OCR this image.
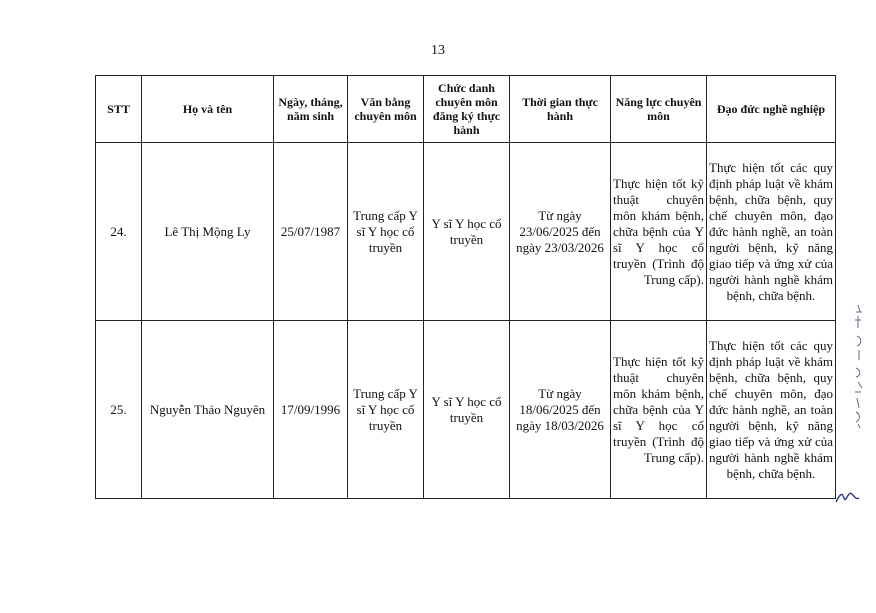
13
STT	Họ và tên	Ngày, tháng, năm sinh	Văn bằng chuyên môn	Chức danh chuyên môn đăng ký thực hành	Thời gian thực hành	Năng lực chuyên môn	Đạo đức nghề nghiệp
24.	Lê Thị Mộng Ly	25/07/1987	Trung cấp Y sĩ Y học cổ truyền	Y sĩ Y học cổ truyền	Từ ngày 23/06/2025 đến ngày 23/03/2026	Thực hiện tốt kỹ thuật chuyên môn khám bệnh, chữa bệnh của Y sĩ Y học cổ truyền (Trình độ Trung cấp).	Thực hiện tốt các quy định pháp luật về khám bệnh, chữa bệnh, quy chế chuyên môn, đạo đức hành nghề, an toàn người bệnh, kỹ năng giao tiếp và ứng xử của người hành nghề khám bệnh, chữa bệnh.
25.	Nguyễn Thảo Nguyên	17/09/1996	Trung cấp Y sĩ Y học cổ truyền	Y sĩ Y học cổ truyền	Từ ngày 18/06/2025 đến ngày 18/03/2026	Thực hiện tốt kỹ thuật chuyên môn khám bệnh, chữa bệnh của Y sĩ Y học cổ truyền (Trình độ Trung cấp).	Thực hiện tốt các quy định pháp luật về khám bệnh, chữa bệnh, quy chế chuyên môn, đạo đức hành nghề, an toàn người bệnh, kỹ năng giao tiếp và ứng xử của người hành nghề khám bệnh, chữa bệnh.
